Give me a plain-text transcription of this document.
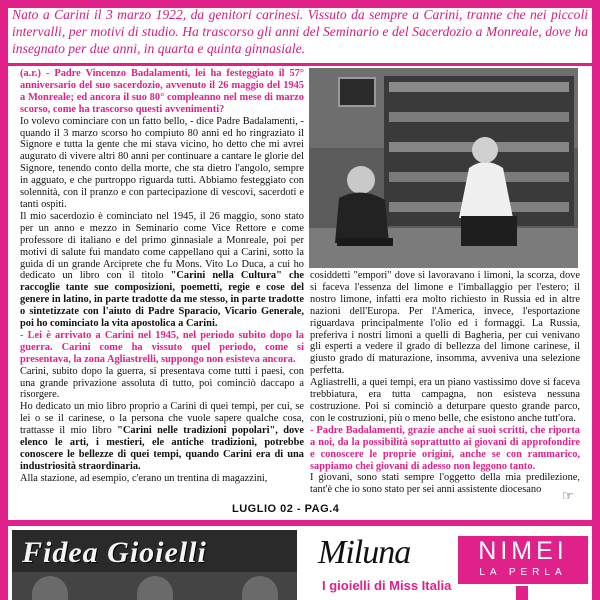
Nato a Carini il 3 marzo 1922, da genitori carinesi. Vissuto da sempre a Carini, tranne che nei piccoli intervalli, per motivi di studio. Ha trascorso gli anni del Seminario e del Sacerdozio a Monreale, dove ha insegnato per due anni, in quarta e quinta ginnasiale.

(a.r.) - Padre Vincenzo Badalamenti, lei ha festeggiato il 57° anniversario del suo sacerdozio, avvenuto il 26 maggio del 1945 a Monreale; ed ancora il suo 80° compleanno nel mese di marzo scorso, come ha trascorso questi avvenimenti?

Io volevo cominciare con un fatto bello, - dice Padre Badalamenti, - quando il 3 marzo scorso ho compiuto 80 anni ed ho ringraziato il Signore e tutta la gente che mi stava vicino, ho detto che mi avrei augurato di vivere altri 80 anni per continuare a cantare le glorie del Signore, tenendo conto della morte, che sta dietro l'angolo, sempre in agguato, e che purtroppo riguarda tutti. Abbiamo festeggiato con solennità, con il pranzo e con partecipazione di vescovi, sacerdoti e tanti ospiti.

Il mio sacerdozio è cominciato nel 1945, il 26 maggio, sono stato per un anno e mezzo in Seminario come Vice Rettore e come professore di italiano e del primo ginnasiale a Monreale, poi per motivi di salute fui mandato come cappellano qui a Carini, sotto la guida di un grande Arciprete che fu Mons. Vito Lo Duca, a cui ho dedicato un libro con il titolo "Carini nella Cultura" che raccoglie tante sue composizioni, poemetti, regie e cose del genere in latino, in parte tradotte da me stesso, in parte tradotte o sintetizzate con l'aiuto di Padre Sparacio, Vicario Generale, poi ho cominciato la vita apostolica a Carini.

- Lei è arrivato a Carini nel 1945, nel periodo subito dopo la guerra. Carini come ha vissuto quel periodo, come si presentava, la zona Agliastrelli, suppongo non esisteva ancora.

Carini, subito dopo la guerra, si presentava come tutti i paesi, con una grande privazione assoluta di tutto, poi cominciò daccapo a risorgere.

Ho dedicato un mio libro proprio a Carini di quei tempi, per cui, se lei o se il carinese, o la persona che vuole sapere qualche cosa, trattasse il mio libro "Carini nelle tradizioni popolari", dove elenco le arti, i mestieri, ele antiche tradizioni, potrebbe conoscere le bellezze di quei tempi, quando Carini era di una industriosità straordinaria.

Alla stazione, ad esempio, c'erano un trentina di magazzini,

cosiddetti "empori" dove si lavoravano i limoni, la scorza, dove si faceva l'essenza del limone e l'imballaggio per l'estero; il nostro limone, infatti era molto richiesto in Russia ed in altre nazioni dell'Europa. Per l'America, invece, l'esportazione riguardava principalmente l'olio ed i formaggi. La Russia, preferiva i nostri limoni a quelli di Bagheria, per cui venivano gli esperti a vedere il grado di bellezza del limone carinese, il giusto grado di maturazione, insomma, avveniva una selezione perfetta.

Agliastrelli, a quei tempi, era un piano vastissimo dove si faceva trebbiatura, era tutta campagna, non esisteva nessuna costruzione. Poi si cominciò a deturpare questo grande parco, con le costruzioni, più o meno belle, che esistono anche tutt'ora.

- Padre Badalamenti, grazie anche ai suoi scritti, che riporta a noi, da la possibilità soprattutto ai giovani di approfondire e conoscere le proprie origini, anche se con rammarico, sappiamo chei giovani di adesso non leggono tanto.

I giovani, sono stati sempre l'oggetto della mia predilezione, tant'è che io sono stato per sei anni assistente diocesano	☞
LUGLIO 02 - PAG.4
Fidea Gioielli	Miluna
I gioielli di Miss Italia
NIMEI
LA PERLA
